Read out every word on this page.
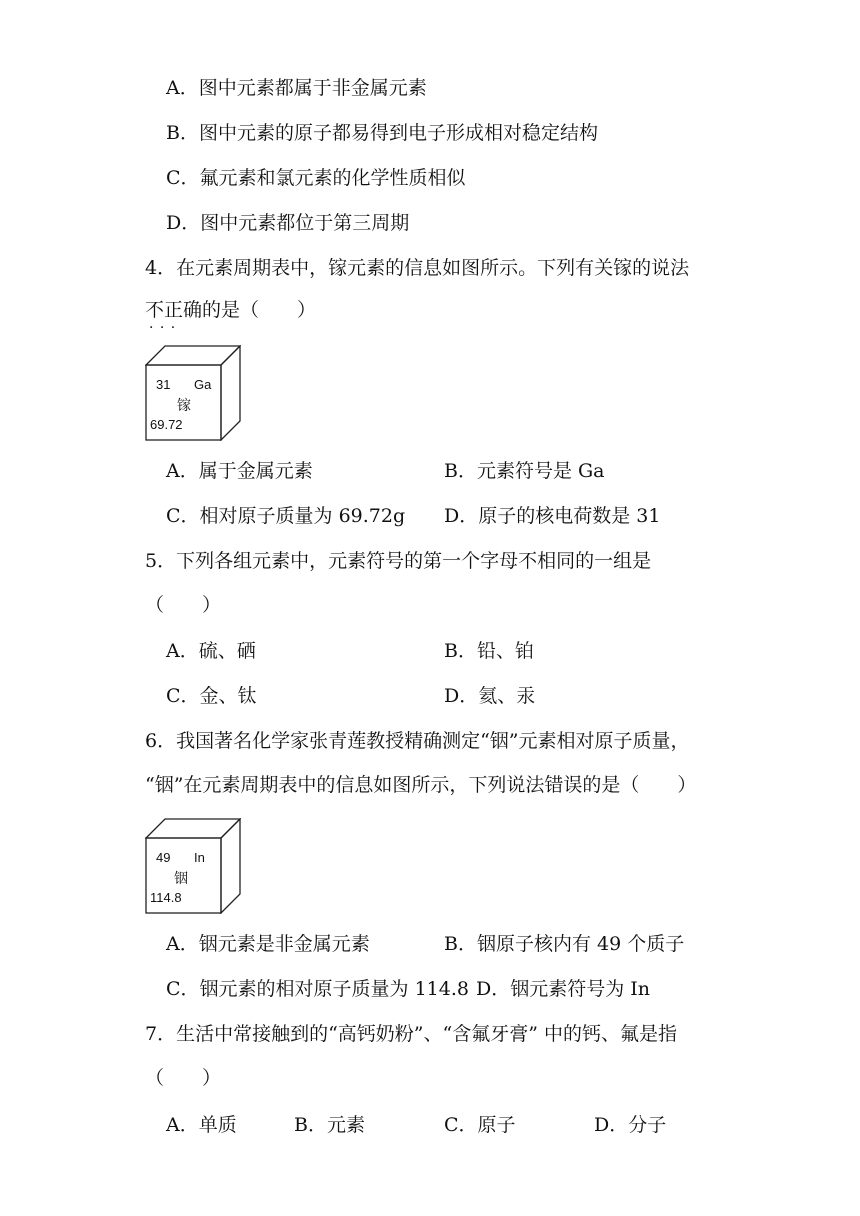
A．图中元素都属于非金属元素
B．图中元素的原子都易得到电子形成相对稳定结构
C．氟元素和氯元素的化学性质相似
D．图中元素都位于第三周期
4．在元素周期表中，镓元素的信息如图所示。下列有关镓的说法
不正确 · · ·的是（　　）
31 Ga
镓
69.72
A．属于金属元素	B．元素符号是 Ga
C．相对原子质量为 69.72g D．原子的核电荷数是 31
5．下列各组元素中，元素符号的第一个字母不相同的一组是
（　　）
A．硫、硒	B．铅、铂
C．金、钛	D．氦、汞
6．我国著名化学家张青莲教授精确测定“铟”元素相对原子质量，
“铟”在元素周期表中的信息如图所示，下列说法错误的是（　　）
49 In
铟
114.8
A．铟元素是非金属元素	B．铟原子核内有 49 个质子
C．铟元素的相对原子质量为 114.8 D．铟元素符号为 In
7．生活中常接触到的“高钙奶粉”、“含氟牙膏” 中的钙、氟是指
（　　）
A．单质	B．元素	C．原子	D．分子
